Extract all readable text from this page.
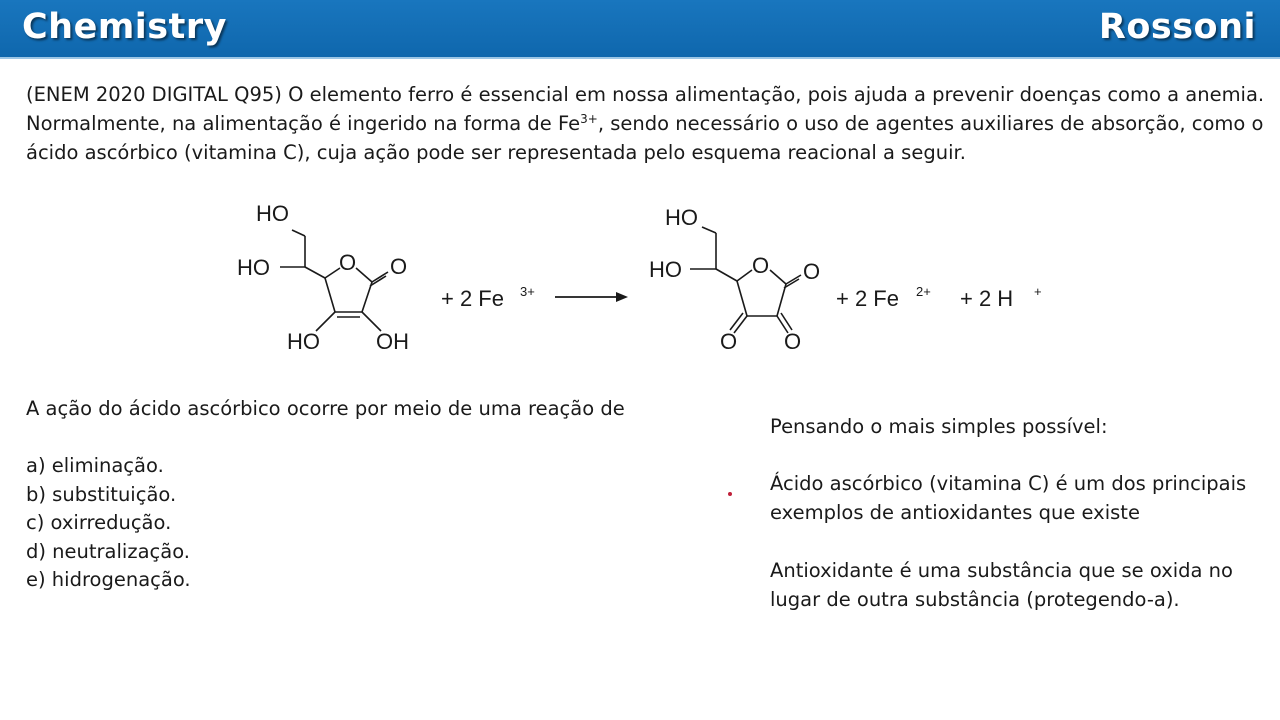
Chemistry	Rossoni
(ENEM 2020 DIGITAL Q95) O elemento ferro é essencial em nossa alimentação, pois ajuda a prevenir doenças como a anemia. Normalmente, na alimentação é ingerido na forma de $Fe^{3+}$, sendo necessário o uso de agentes auxiliares de absorção, como o ácido ascórbico (vitamina C), cuja ação pode ser representada pelo esquema reacional a seguir.
HO
HO	O O
HO	OH
+ 2 Fe 3+
HO
HO	O O
O O
+ 2 Fe 2+ + 2 H +
A ação do ácido ascórbico ocorre por meio de uma reação de
a) eliminação.
b) substituição.
c) oxirredução.
d) neutralização.
e) hidrogenação.
Pensando o mais simples possível:
Ácido ascórbico (vitamina C) é um dos principais exemplos de antioxidantes que existe
Antioxidante é uma substância que se oxida no lugar de outra substância (protegendo-a).
